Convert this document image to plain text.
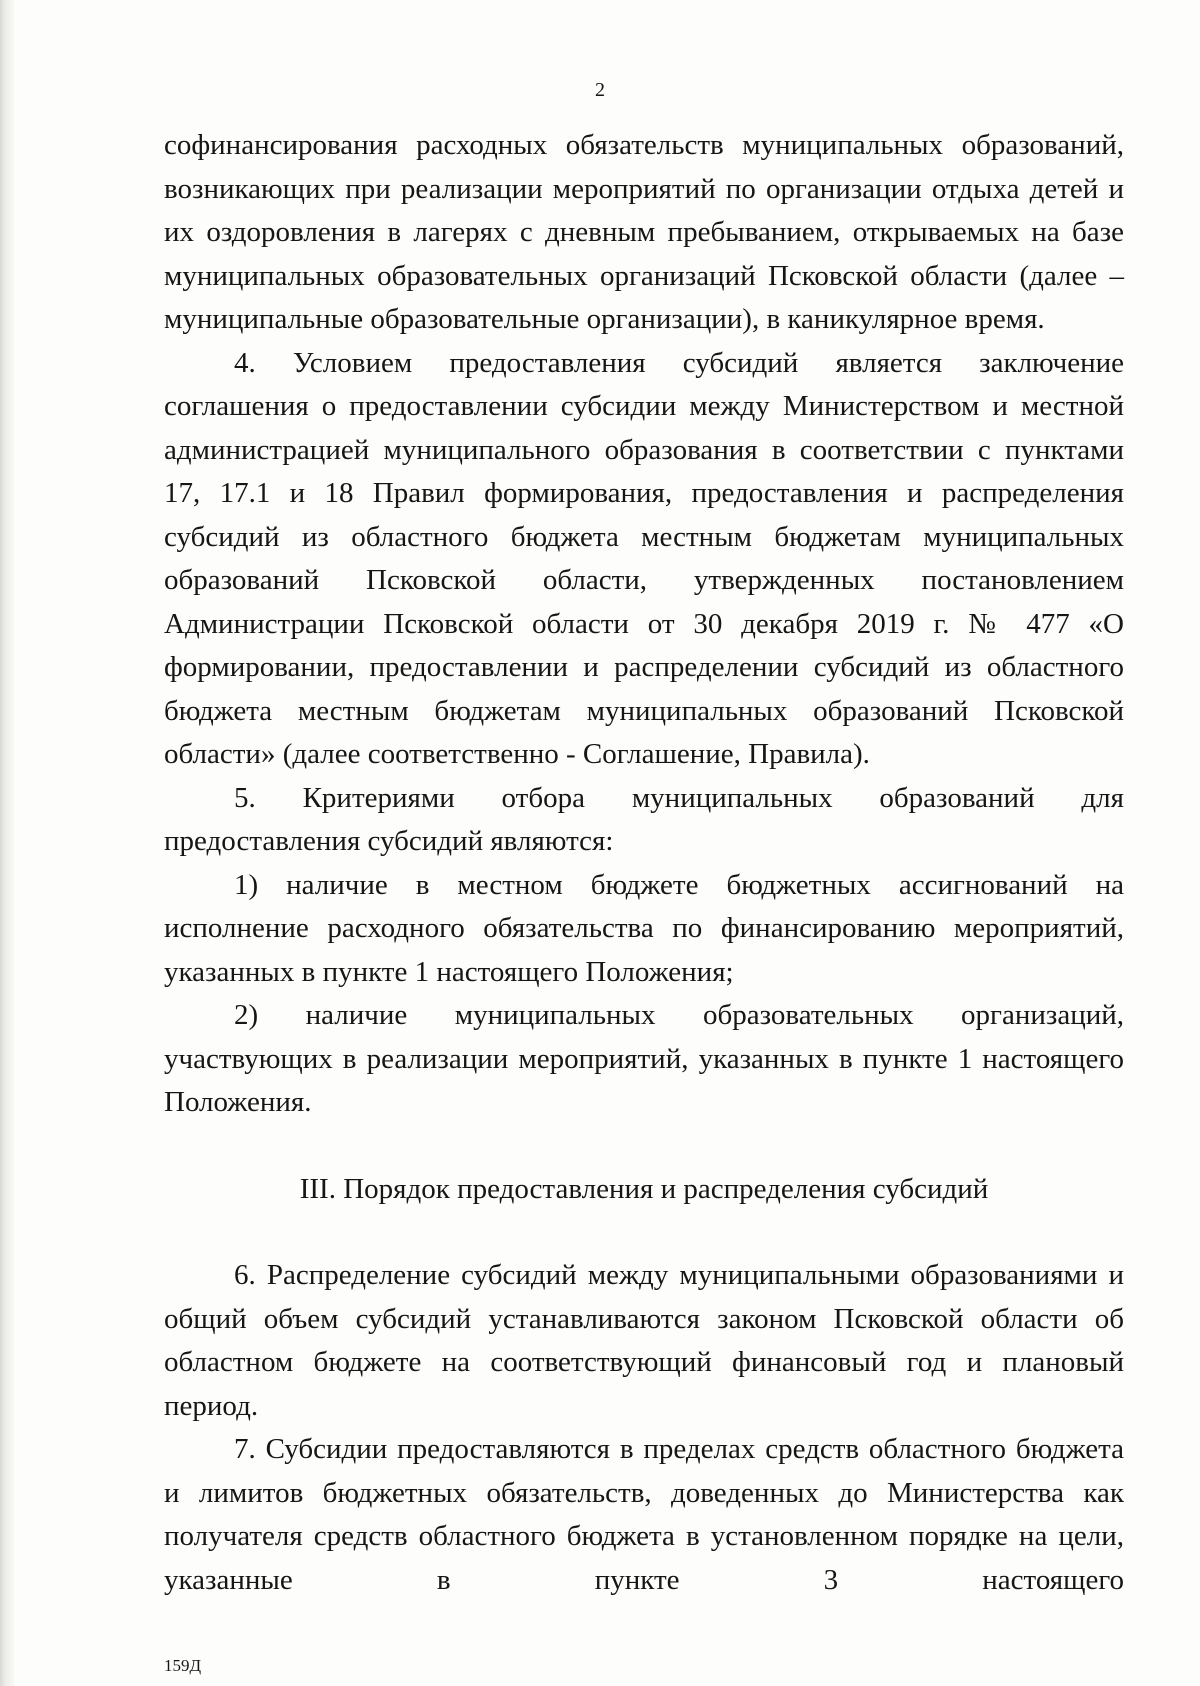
2

софинансирования расходных обязательств муниципальных образований, возникающих при реализации мероприятий по организации отдыха детей и их оздоровления в лагерях с дневным пребыванием, открываемых на базе муниципальных образовательных организаций Псковской области (далее – муниципальные образовательные организации), в каникулярное время.

4. Условием предоставления субсидий является заключение соглашения о предоставлении субсидии между Министерством и местной администрацией муниципального образования в соответствии с пунктами 17, 17.1 и 18 Правил формирования, предоставления и распределения субсидий из областного бюджета местным бюджетам муниципальных образований Псковской области, утвержденных постановлением Администрации Псковской области от 30 декабря 2019 г. № 477 «О формировании, предоставлении и распределении субсидий из областного бюджета местным бюджетам муниципальных образований Псковской области» (далее соответственно - Соглашение, Правила).

5. Критериями отбора муниципальных образований для предоставления субсидий являются:

1) наличие в местном бюджете бюджетных ассигнований на исполнение расходного обязательства по финансированию мероприятий, указанных в пункте 1 настоящего Положения;

2) наличие муниципальных образовательных организаций, участвующих в реализации мероприятий, указанных в пункте 1 настоящего Положения.

III. Порядок предоставления и распределения субсидий

6. Распределение субсидий между муниципальными образованиями и общий объем субсидий устанавливаются законом Псковской области об областном бюджете на соответствующий финансовый год и плановый период.

7. Субсидии предоставляются в пределах средств областного бюджета и лимитов бюджетных обязательств, доведенных до Министерства как получателя средств областного бюджета в установленном порядке на цели, указанные в пункте 3 настоящего

159Д
